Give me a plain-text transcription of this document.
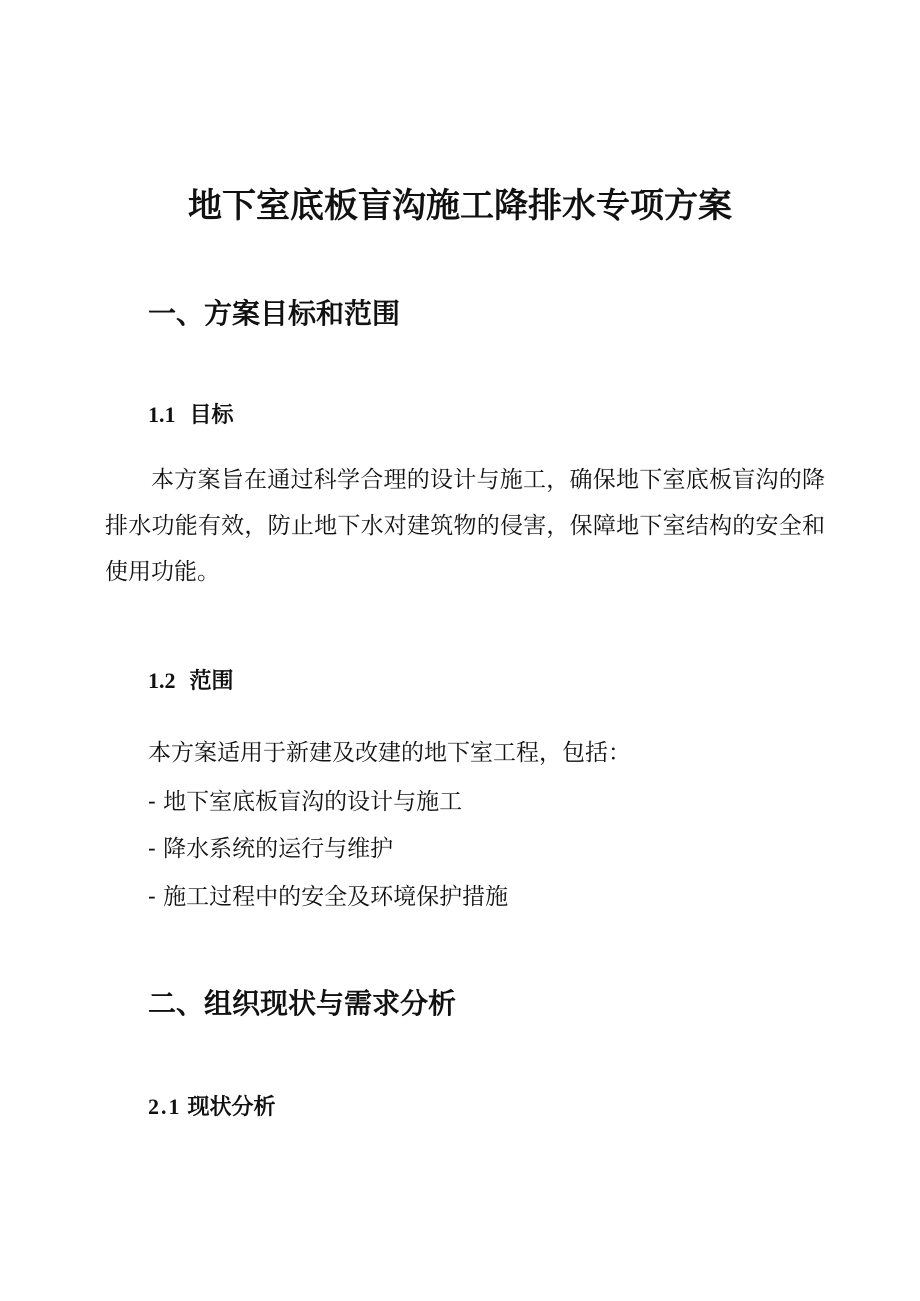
地下室底板盲沟施工降排水专项方案
一、方案目标和范围
1.1 目标

本方案旨在通过科学合理的设计与施工，确保地下室底板盲沟的降排水功能有效，防止地下水对建筑物的侵害，保障地下室结构的安全和使用功能。

1.2 范围

本方案适用于新建及改建的地下室工程，包括：

- 地下室底板盲沟的设计与施工

- 降水系统的运行与维护

- 施工过程中的安全及环境保护措施

二、组织现状与需求分析
2.1 现状分析
